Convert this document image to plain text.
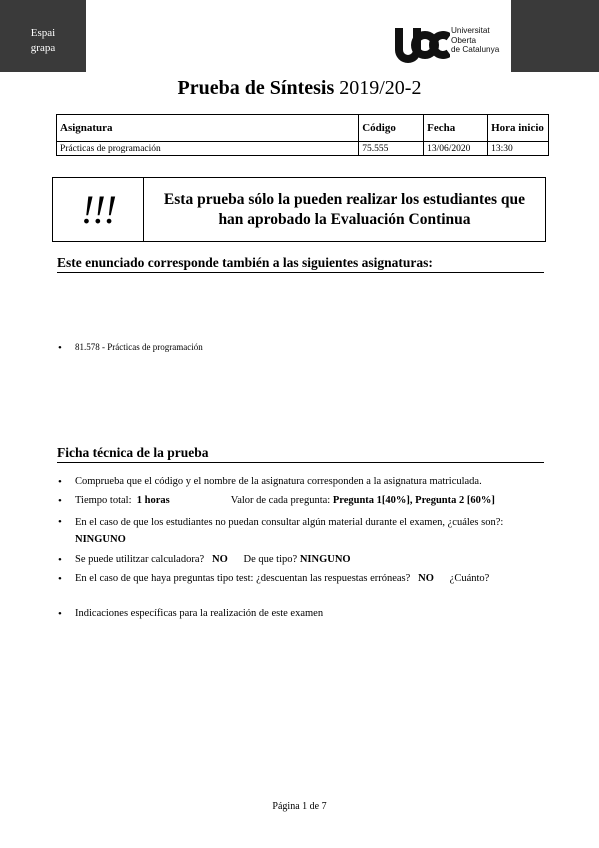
Espai
grapa
Universitat
Oberta
de Catalunya
Prueba de Síntesis 2019/20-2
Asignatura	Código	Fecha	Hora inicio
Prácticas de programación	75.555	13/06/2020	13:30
!!!	Esta prueba sólo la pueden realizar los estudiantes que han aprobado la Evaluación Continua
Este enunciado corresponde también a las siguientes asignaturas:
• 81.578 - Prácticas de programación
Ficha técnica de la prueba
• Comprueba que el código y el nombre de la asignatura corresponden a la asignatura matriculada.
• Tiempo total: 1 horas	Valor de cada pregunta: Pregunta 1[40%], Pregunta 2 [60%]
• En el caso de que los estudiantes no puedan consultar algún material durante el examen, ¿cuáles son?:
NINGUNO
• Se puede utilitzar calculadora? NO De que tipo? NINGUNO
• En el caso de que haya preguntas tipo test: ¿descuentan las respuestas erróneas? NO ¿Cuánto?
• Indicaciones específicas para la realización de este examen
Página 1 de 7
